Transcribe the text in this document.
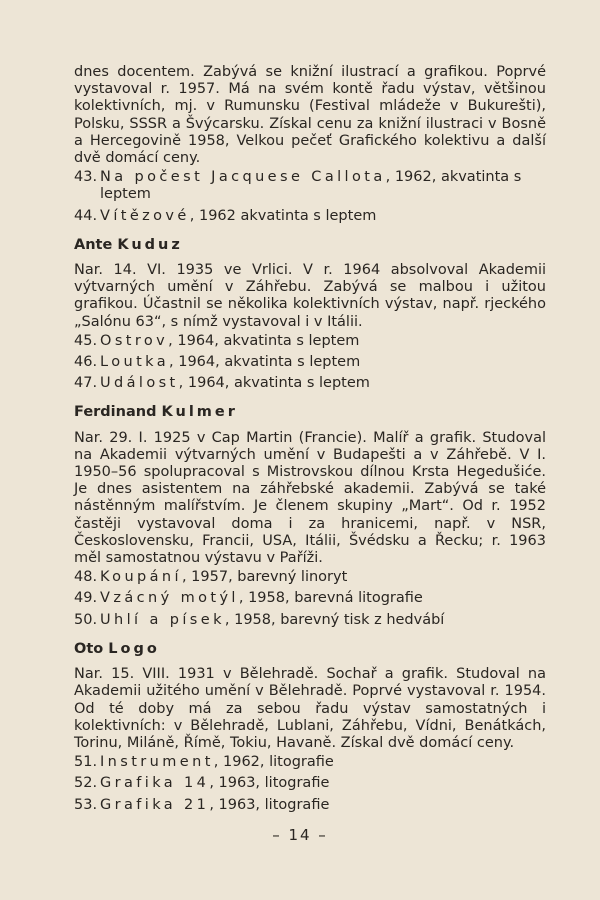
dnes docentem. Zabývá se knižní ilustrací a grafikou. Poprvé vystavoval r. 1957. Má na svém kontě řadu výstav, většinou kolektivních, mj. v Rumunsku (Festival mládeže v Bukurešti), Polsku, SSSR a Švýcarsku. Získal cenu za knižní ilustraci v Bosně a Hercegovině 1958, Velkou pečeť Grafického kolektivu a další dvě domácí ceny.

43. Na počest Jacquese Callota, 1962, akvatinta s leptem
44. Vítězové, 1962 akvatinta s leptem
Ante Kuduz

Nar. 14. VI. 1935 ve Vrlici. V r. 1964 absolvoval Akademii výtvarných umění v Záhřebu. Zabývá se malbou i užitou grafikou. Účastnil se několika kolektivních výstav, např. rjeckého „Salónu 63“, s nímž vystavoval i v Itálii.

45. Ostrov, 1964, akvatinta s leptem
46. Loutka, 1964, akvatinta s leptem
47. Událost, 1964, akvatinta s leptem
Ferdinand Kulmer

Nar. 29. I. 1925 v Cap Martin (Francie). Malíř a grafik. Studoval na Akademii výtvarných umění v Budapešti a v Záhřebě. V I. 1950–56 spolupracoval s Mistrovskou dílnou Krsta Hegedušiće. Je dnes asistentem na záhřebské akademii. Zabývá se také nástěnným malířstvím. Je členem skupiny „Mart“. Od r. 1952 častěji vystavoval doma i za hranicemi, např. v NSR, Československu, Francii, USA, Itálii, Švédsku a Řecku; r. 1963 měl samostatnou výstavu v Paříži.

48. Koupání, 1957, barevný linoryt
49. Vzácný motýl, 1958, barevná litografie
50. Uhlí a písek, 1958, barevný tisk z hedvábí
Oto Logo

Nar. 15. VIII. 1931 v Bělehradě. Sochař a grafik. Studoval na Akademii užitého umění v Bělehradě. Poprvé vystavoval r. 1954. Od té doby má za sebou řadu výstav samostatných i kolektivních: v Bělehradě, Lublani, Záhřebu, Vídni, Benátkách, Torinu, Miláně, Římě, Tokiu, Havaně. Získal dvě domácí ceny.

51. Instrument, 1962, litografie
52. Grafika 14, 1963, litografie
53. Grafika 21, 1963, litografie
– 14 –
